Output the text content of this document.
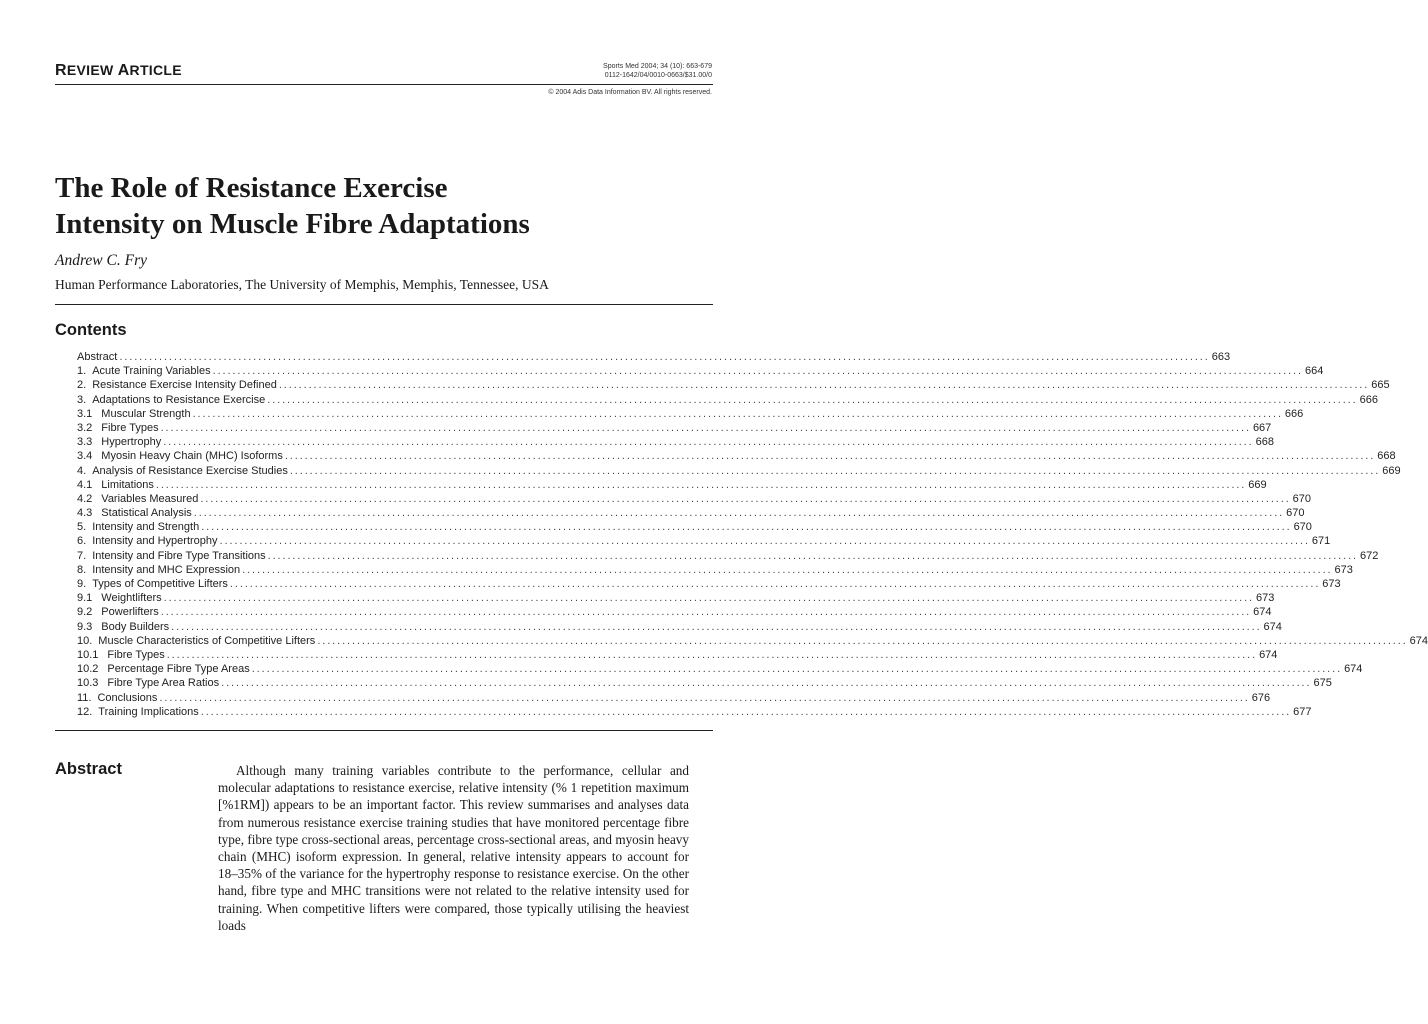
REVIEW ARTICLE	Sports Med 2004; 34 (10): 663-679
0112-1642/04/0010-0663/$31.00/0
© 2004 Adis Data Information BV. All rights reserved.
The Role of Resistance Exercise
Intensity on Muscle Fibre Adaptations
Andrew C. Fry
Human Performance Laboratories, The University of Memphis, Memphis, Tennessee, USA
Contents
Abstract ............................................................................................................................................................................................................................ 663
1. Acute Training Variables ............................................................................................................................................................................................................................ 664
2. Resistance Exercise Intensity Defined ............................................................................................................................................................................................................................ 665
3. Adaptations to Resistance Exercise ............................................................................................................................................................................................................................ 666
3.1 Muscular Strength ............................................................................................................................................................................................................................ 666
3.2 Fibre Types ............................................................................................................................................................................................................................ 667
3.3 Hypertrophy ............................................................................................................................................................................................................................ 668
3.4 Myosin Heavy Chain (MHC) Isoforms ............................................................................................................................................................................................................................ 668
4. Analysis of Resistance Exercise Studies ............................................................................................................................................................................................................................ 669
4.1 Limitations ............................................................................................................................................................................................................................ 669
4.2 Variables Measured ............................................................................................................................................................................................................................ 670
4.3 Statistical Analysis ............................................................................................................................................................................................................................ 670
5. Intensity and Strength ............................................................................................................................................................................................................................ 670
6. Intensity and Hypertrophy ............................................................................................................................................................................................................................ 671
7. Intensity and Fibre Type Transitions ............................................................................................................................................................................................................................ 672
8. Intensity and MHC Expression ............................................................................................................................................................................................................................ 673
9. Types of Competitive Lifters ............................................................................................................................................................................................................................ 673
9.1 Weightlifters ............................................................................................................................................................................................................................ 673
9.2 Powerlifters ............................................................................................................................................................................................................................ 674
9.3 Body Builders ............................................................................................................................................................................................................................ 674
10. Muscle Characteristics of Competitive Lifters ............................................................................................................................................................................................................................ 674
10.1 Fibre Types ............................................................................................................................................................................................................................ 674
10.2 Percentage Fibre Type Areas ............................................................................................................................................................................................................................ 674
10.3 Fibre Type Area Ratios ............................................................................................................................................................................................................................ 675
11. Conclusions ............................................................................................................................................................................................................................ 676
12. Training Implications ............................................................................................................................................................................................................................ 677
Abstract	Although many training variables contribute to the performance, cellular and molecular adaptations to resistance exercise, relative intensity (% 1 repetition maximum [%1RM]) appears to be an important factor. This review summarises and analyses data from numerous resistance exercise training studies that have monitored percentage fibre type, fibre type cross-sectional areas, percentage cross-sectional areas, and myosin heavy chain (MHC) isoform expression. In general, relative intensity appears to account for 18–35% of the variance for the hypertrophy response to resistance exercise. On the other hand, fibre type and MHC transitions were not related to the relative intensity used for training. When competitive lifters were compared, those typically utilising the heaviest loads
